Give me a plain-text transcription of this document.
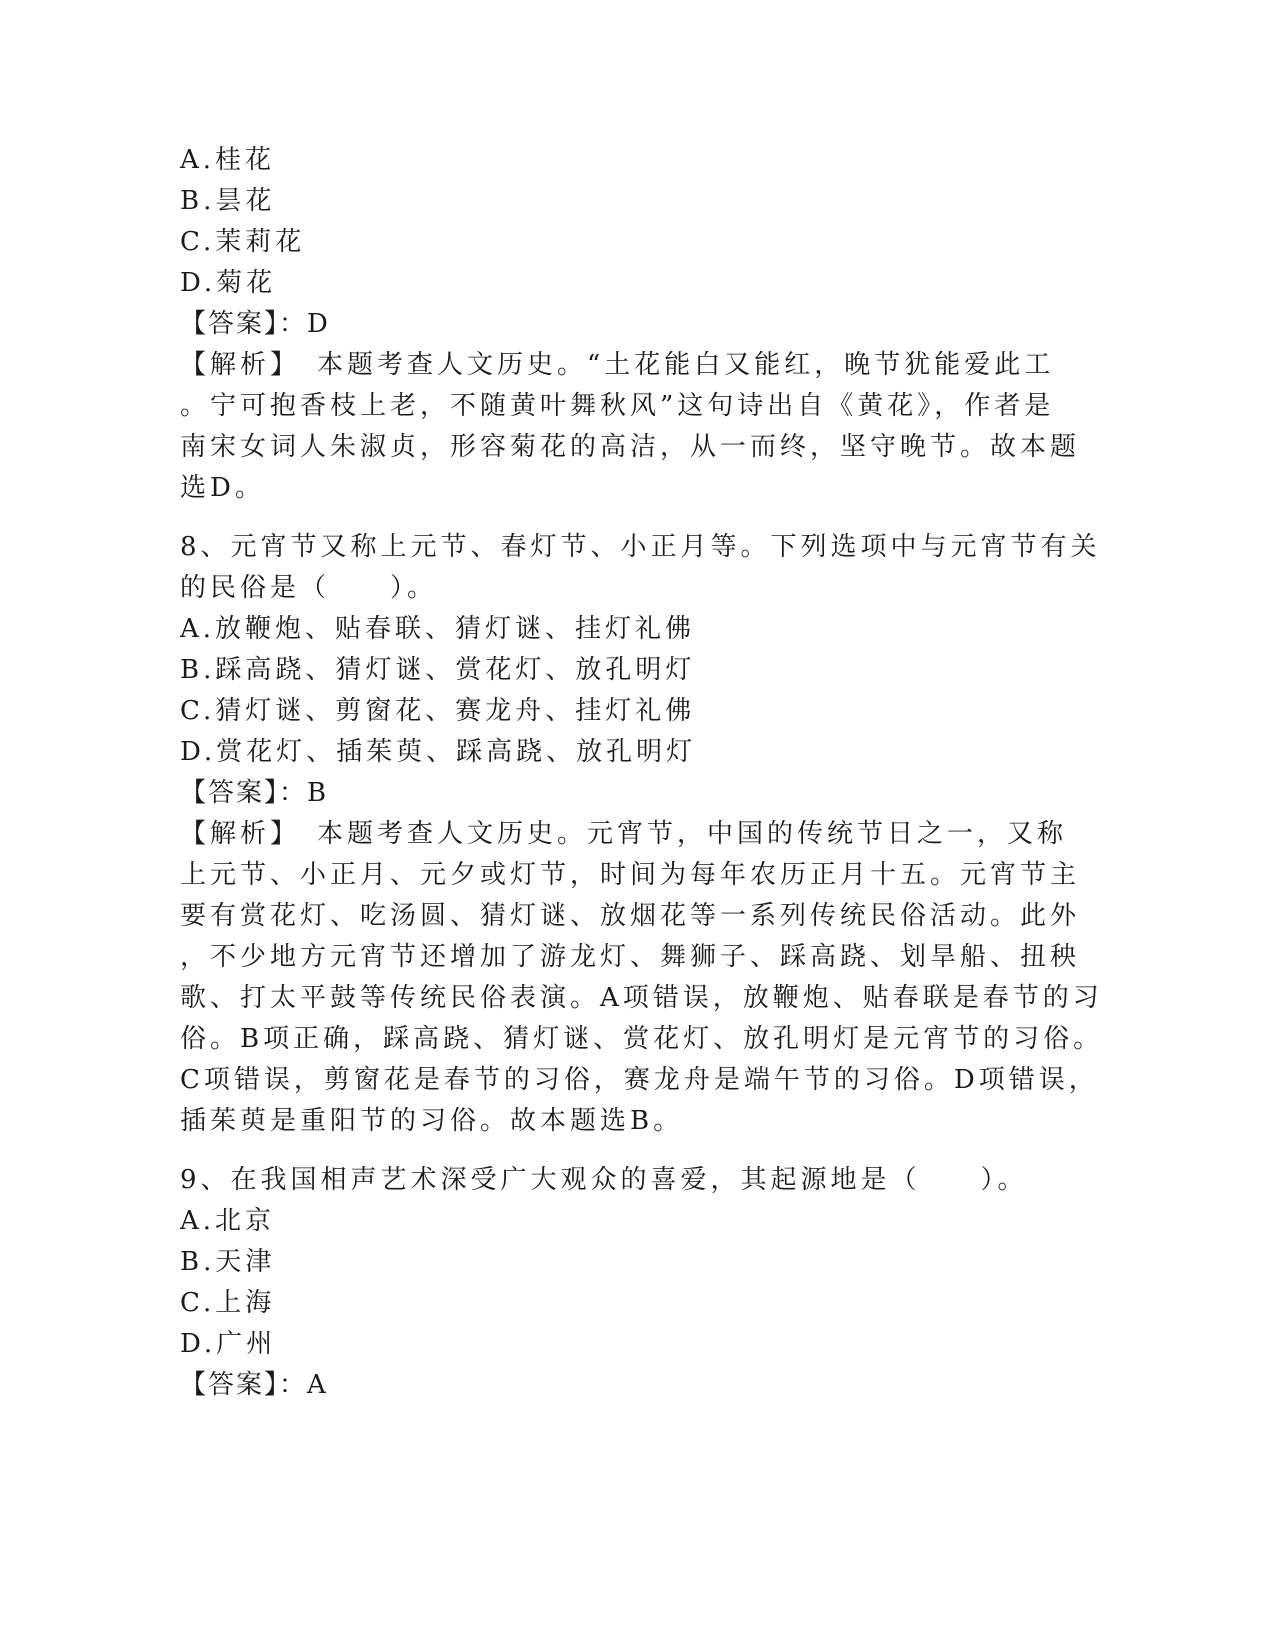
A.桂花
B.昙花
C.茉莉花
D.菊花
【答案】：D
【解析】　本题考查人文历史。“土花能白又能红，晚节犹能爱此工
。宁可抱香枝上老，不随黄叶舞秋风”这句诗出自《黄花》，作者是
南宋女词人朱淑贞，形容菊花的高洁，从一而终，坚守晚节。故本题
选D。
8、元宵节又称上元节、春灯节、小正月等。下列选项中与元宵节有关
的民俗是（　　）。
A.放鞭炮、贴春联、猜灯谜、挂灯礼佛
B.踩高跷、猜灯谜、赏花灯、放孔明灯
C.猜灯谜、剪窗花、赛龙舟、挂灯礼佛
D.赏花灯、插茱萸、踩高跷、放孔明灯
【答案】：B
【解析】　本题考查人文历史。元宵节，中国的传统节日之一，又称
上元节、小正月、元夕或灯节，时间为每年农历正月十五。元宵节主
要有赏花灯、吃汤圆、猜灯谜、放烟花等一系列传统民俗活动。此外
，不少地方元宵节还增加了游龙灯、舞狮子、踩高跷、划旱船、扭秧
歌、打太平鼓等传统民俗表演。A项错误，放鞭炮、贴春联是春节的习
俗。B项正确，踩高跷、猜灯谜、赏花灯、放孔明灯是元宵节的习俗。
C项错误，剪窗花是春节的习俗，赛龙舟是端午节的习俗。D项错误，
插茱萸是重阳节的习俗。故本题选B。
9、在我国相声艺术深受广大观众的喜爱，其起源地是（　　）。
A.北京
B.天津
C.上海
D.广州
【答案】：A
